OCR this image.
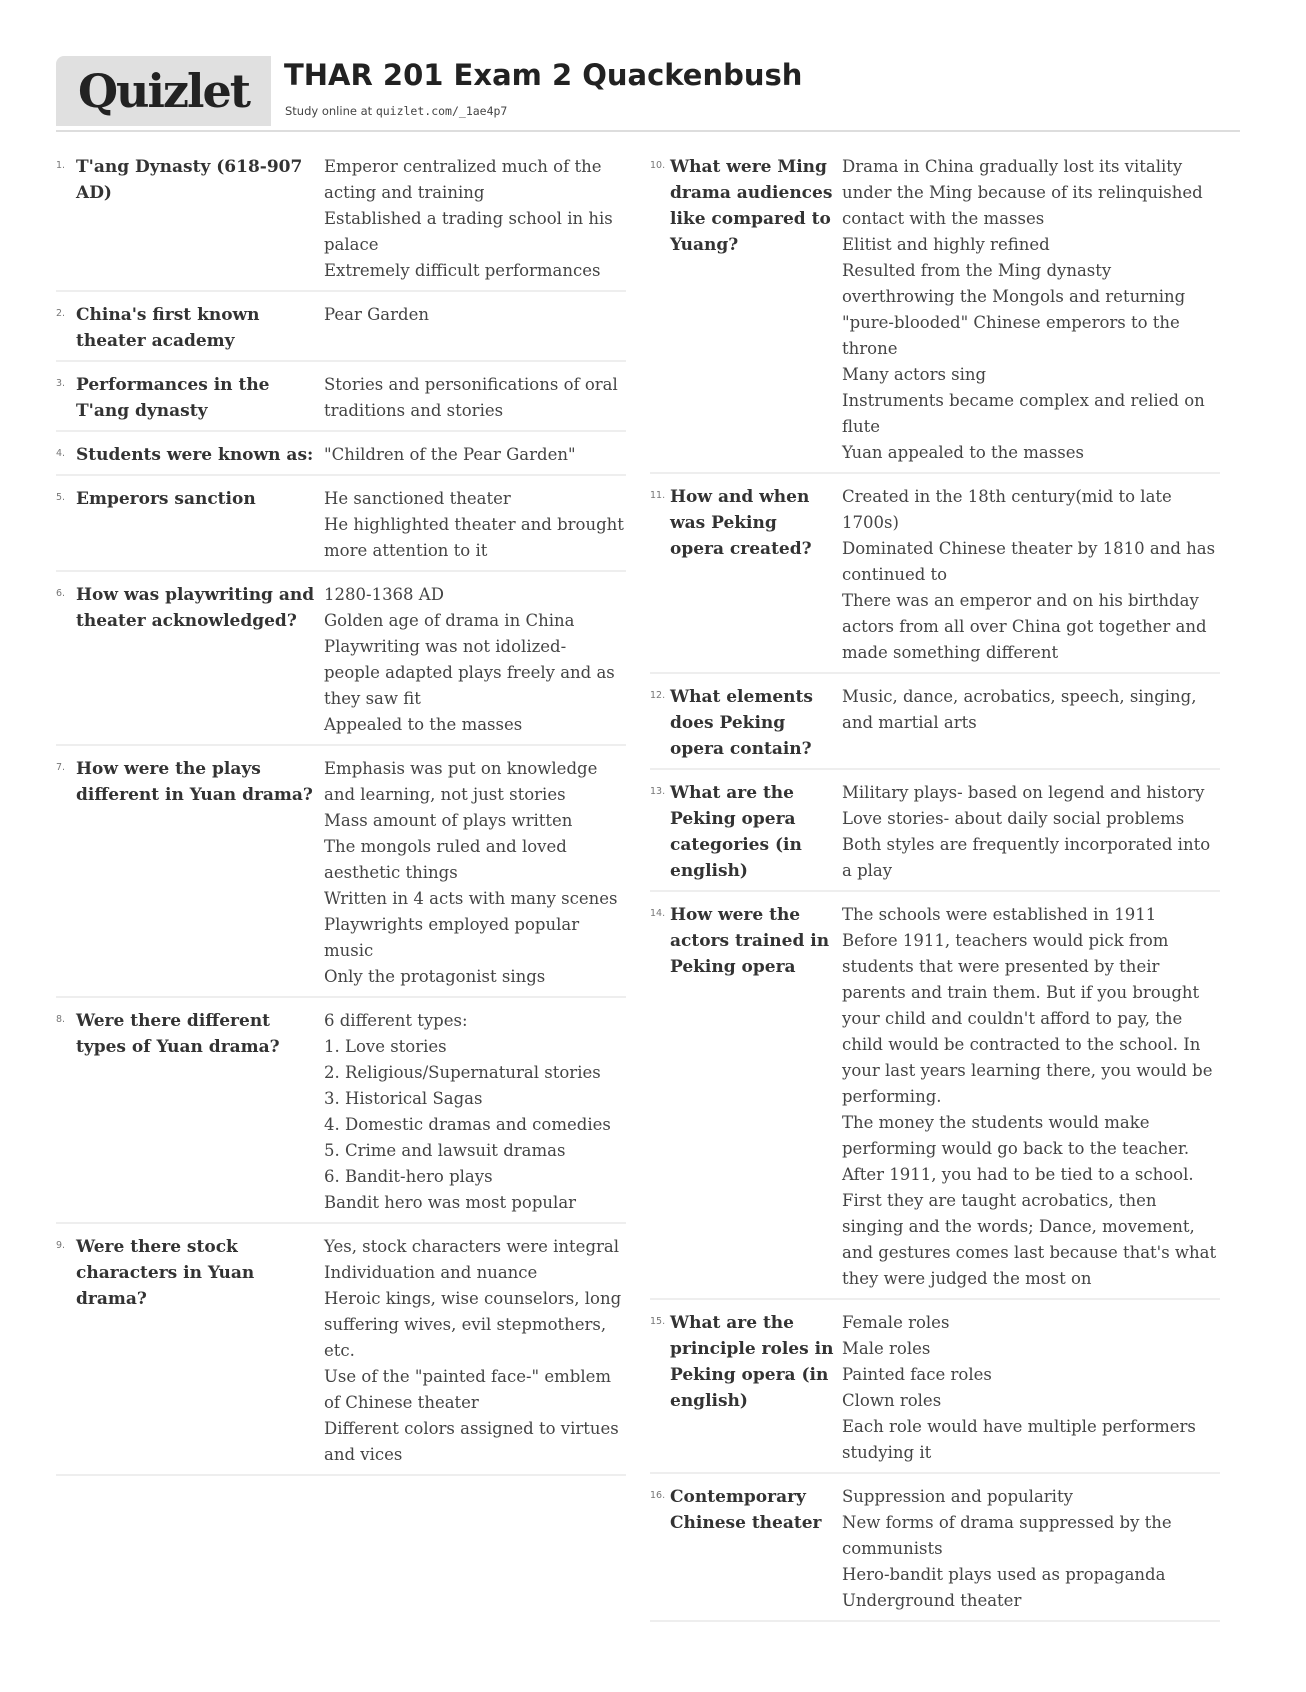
Quizlet THAR 201 Exam 2 Quackenbush
Study online at quizlet.com/_1ae4p7
1. T'ang Dynasty (618-907 AD)
Emperor centralized much of the acting and training
Established a trading school in his palace
Extremely difficult performances
2. China's first known theater academy
Pear Garden
3. Performances in the T'ang dynasty
Stories and personifications of oral traditions and stories
4. Students were known as: "Children of the Pear Garden"
5. Emperors sanction	He sanctioned theater
He highlighted theater and brought more attention to it
6. How was playwriting and theater acknowledged?
1280-1368 AD
Golden age of drama in China
Playwriting was not idolized- people adapted plays freely and as they saw fit
Appealed to the masses
7. How were the plays different in Yuan drama?
Emphasis was put on knowledge and learning, not just stories
Mass amount of plays written
The mongols ruled and loved aesthetic things
Written in 4 acts with many scenes
Playwrights employed popular music
Only the protagonist sings
8. Were there different types of Yuan drama?
6 different types:
1. Love stories
2. Religious/Supernatural stories
3. Historical Sagas
4. Domestic dramas and comedies
5. Crime and lawsuit dramas
6. Bandit-hero plays
Bandit hero was most popular
9. Were there stock characters in Yuan drama?
Yes, stock characters were integral
Individuation and nuance
Heroic kings, wise counselors, long suffering wives, evil stepmothers, etc.
Use of the "painted face-" emblem of Chinese theater
Different colors assigned to virtues and vices
10. What were Ming drama audiences like compared to Yuang?
Drama in China gradually lost its vitality under the Ming because of its relinquished contact with the masses
Elitist and highly refined
Resulted from the Ming dynasty overthrowing the Mongols and returning "pure-blooded" Chinese emperors to the throne
Many actors sing
Instruments became complex and relied on flute
Yuan appealed to the masses
11. How and when was Peking opera created?
Created in the 18th century(mid to late 1700s)
Dominated Chinese theater by 1810 and has continued to
There was an emperor and on his birthday actors from all over China got together and made something different
12. What elements does Peking opera contain?
Music, dance, acrobatics, speech, singing, and martial arts
13. What are the Peking opera categories (in english)
Military plays- based on legend and history
Love stories- about daily social problems
Both styles are frequently incorporated into a play
14. How were the actors trained in Peking opera
The schools were established in 1911
Before 1911, teachers would pick from students that were presented by their parents and train them. But if you brought your child and couldn't afford to pay, the child would be contracted to the school. In your last years learning there, you would be performing.
The money the students would make performing would go back to the teacher.
After 1911, you had to be tied to a school.
First they are taught acrobatics, then singing and the words; Dance, movement, and gestures comes last because that's what they were judged the most on
15. What are the principle roles in Peking opera (in english)
Female roles
Male roles
Painted face roles
Clown roles
Each role would have multiple performers studying it
16. Contemporary Chinese theater
Suppression and popularity
New forms of drama suppressed by the communists
Hero-bandit plays used as propaganda
Underground theater
